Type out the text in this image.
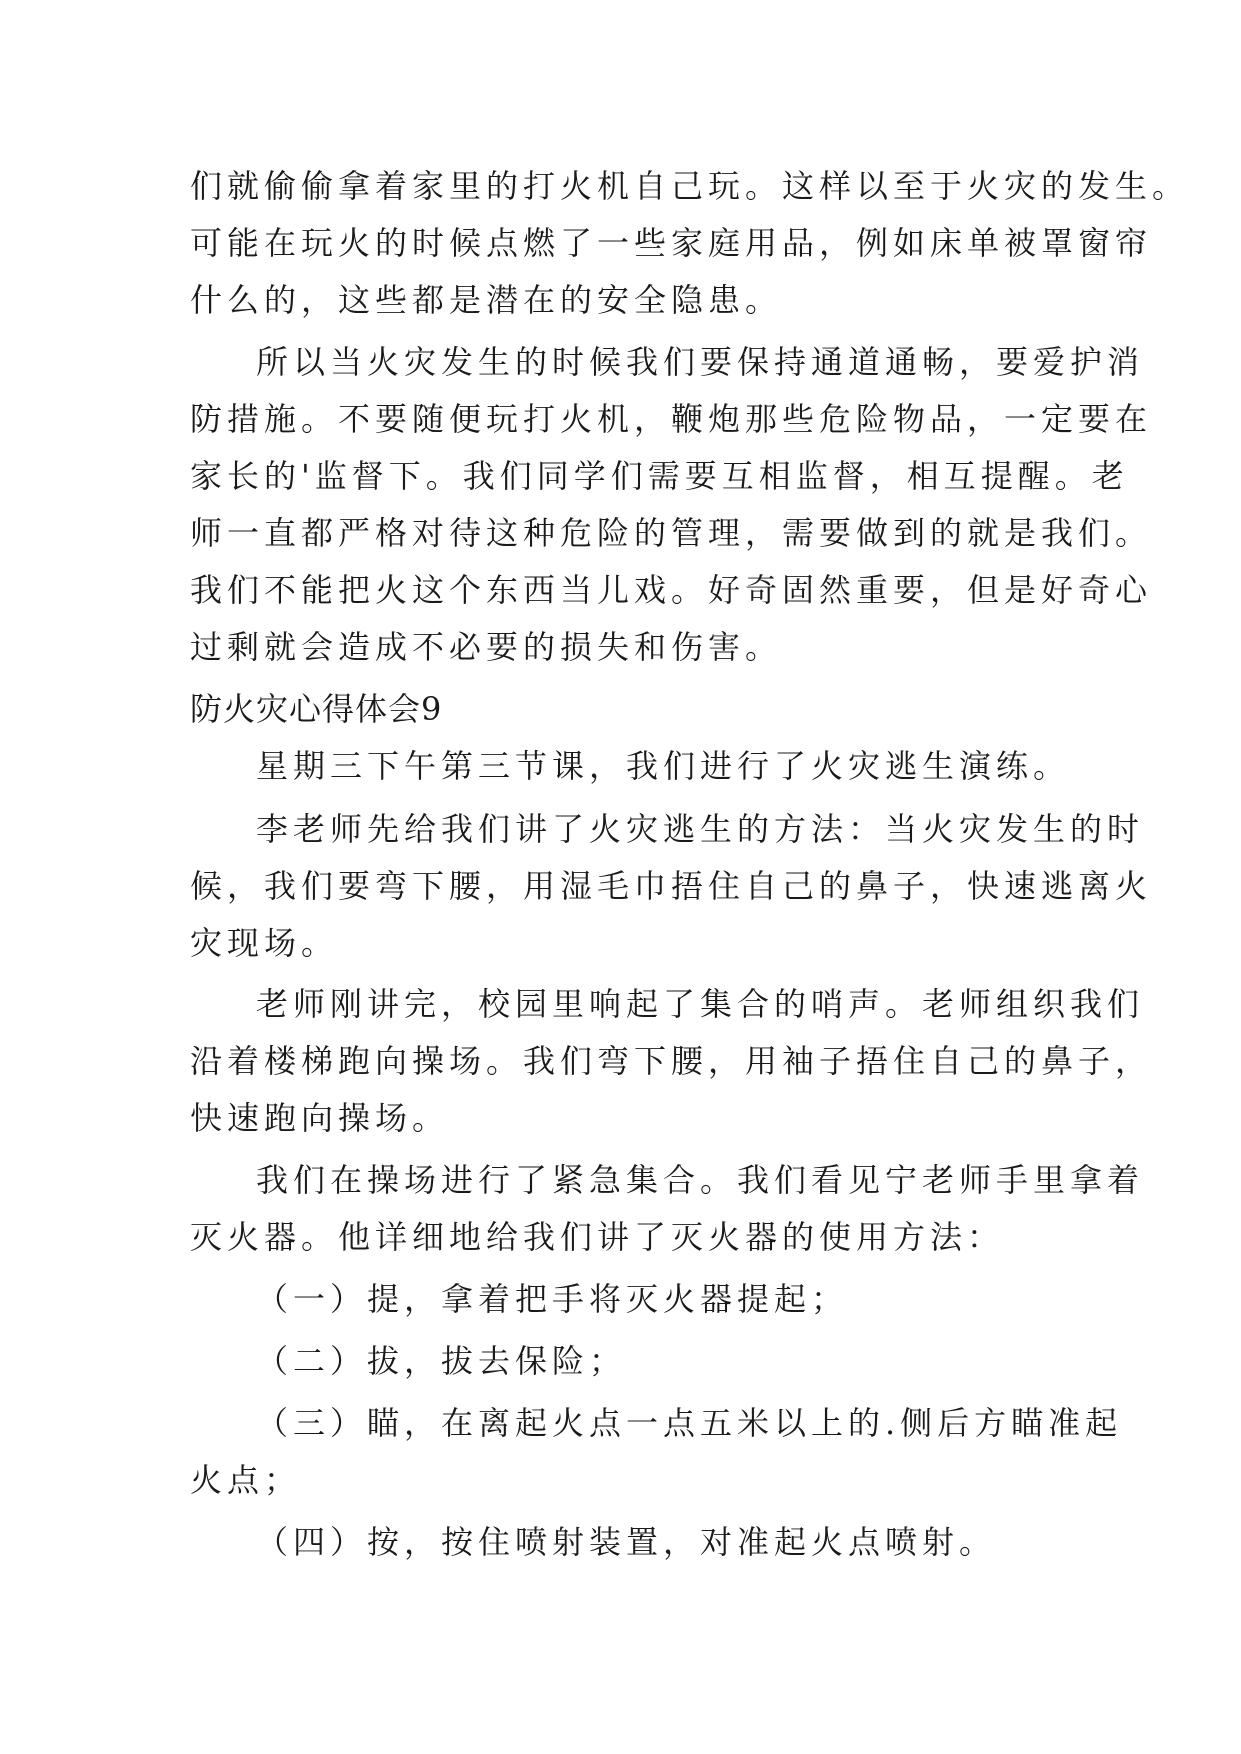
们就偷偷拿着家里的打火机自己玩。这样以至于火灾的发生。
可能在玩火的时候点燃了一些家庭用品，例如床单被罩窗帘
什么的，这些都是潜在的安全隐患。
所以当火灾发生的时候我们要保持通道通畅，要爱护消
防措施。不要随便玩打火机，鞭炮那些危险物品，一定要在
家长的'监督下。我们同学们需要互相监督，相互提醒。老
师一直都严格对待这种危险的管理，需要做到的就是我们。
我们不能把火这个东西当儿戏。好奇固然重要，但是好奇心
过剩就会造成不必要的损失和伤害。
防火灾心得体会9
星期三下午第三节课，我们进行了火灾逃生演练。
李老师先给我们讲了火灾逃生的方法：当火灾发生的时
候，我们要弯下腰，用湿毛巾捂住自己的鼻子，快速逃离火
灾现场。
老师刚讲完，校园里响起了集合的哨声。老师组织我们
沿着楼梯跑向操场。我们弯下腰，用袖子捂住自己的鼻子，
快速跑向操场。
我们在操场进行了紧急集合。我们看见宁老师手里拿着
灭火器。他详细地给我们讲了灭火器的使用方法：
（一）提，拿着把手将灭火器提起；
（二）拔，拔去保险；
（三）瞄，在离起火点一点五米以上的.侧后方瞄准起
火点；
（四）按，按住喷射装置，对准起火点喷射。
